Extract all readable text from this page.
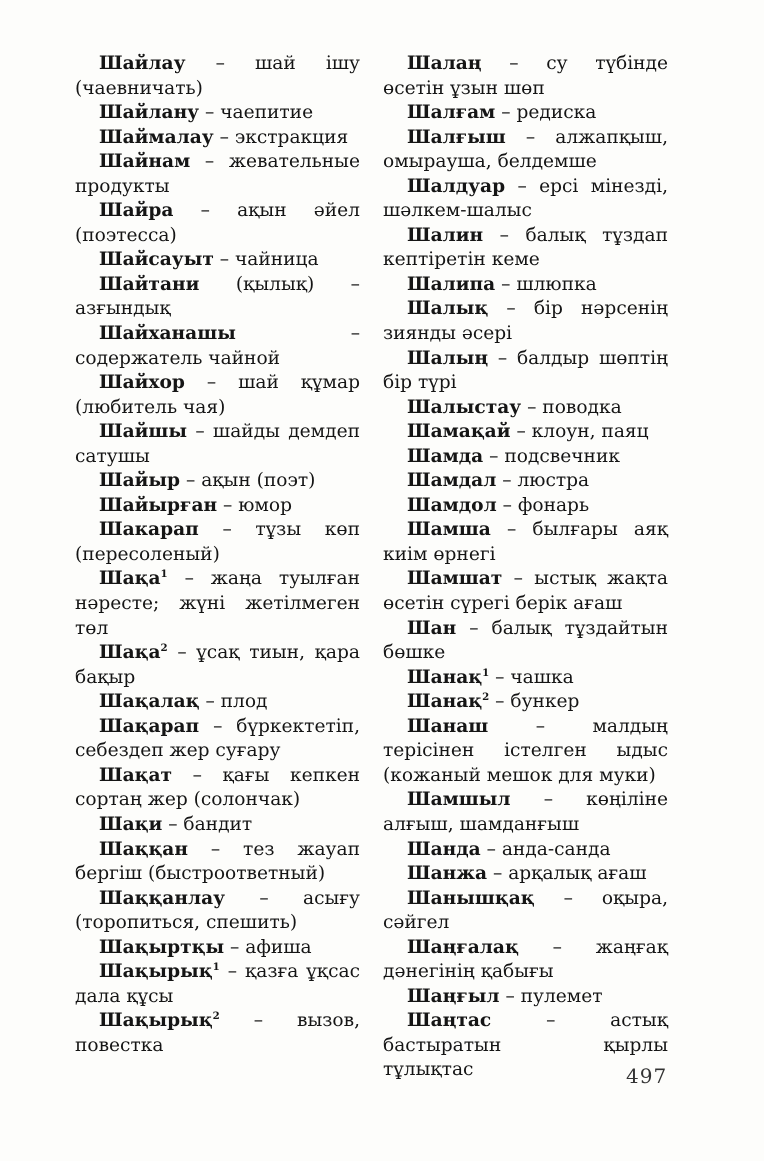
Шайлау – шай ішу (чаевничать)

Шайлану – чаепитие

Шаймалау – экстракция

Шайнам – жевательные продукты

Шайра – ақын әйел (поэтесса)

Шайсауыт – чайница

Шайтани (қылық) – азғындық

Шайханашы	– содержатель чайной

Шайхор – шай құмар (любитель чая)

Шайшы – шайды демдеп сатушы

Шайыр – ақын (поэт)

Шайырған – юмор

Шакарап – тұзы көп (пересоленый)

Шақа$^1$ – жаңа туылған нәресте; жүні жетілмеген төл

Шақа$^2$ – ұсақ тиын, қара бақыр

Шақалақ – плод

Шақарап – бүркектетіп, себездеп жер суғару

Шақат – қағы кепкен сортаң жер (солончак)

Шақи – бандит

Шаққан – тез жауап бергіш (быстроответный)

Шаққанлау – асығу (торопиться, спешить)

Шақыртқы – афиша

Шақырық$^1$ – қазға ұқсас дала құсы

Шақырық$^2$ – вызов, повестка

Шалаң – су түбінде өсетін ұзын шөп

Шалғам – редиска

Шалғыш – алжапқыш, омырауша, белдемше

Шалдуар – ерсі мінезді, шәлкем-шалыс

Шалин – балық тұздап кептіретін кеме

Шалипа – шлюпка

Шалық – бір нәрсенің зиянды әсері

Шалың – балдыр шөптің бір түрі

Шалыстау – поводка

Шамақай – клоун, паяц

Шамда – подсвечник

Шамдал – люстра

Шамдол – фонарь

Шамша – былғары аяқ киім өрнегі

Шамшат – ыстық жақта өсетін сүрегі берік ағаш

Шан – балық тұздайтын бөшке

Шанақ$^1$ – чашка

Шанақ$^2$ – бункер

Шанаш	– малдың терісінен істелген ыдыс (кожаный мешок для муки)

Шамшыл – көңіліне алғыш, шамданғыш

Шанда – анда-санда

Шанжа – арқалық ағаш

Шанышқақ – оқыра, сәйгел

Шаңғалақ – жаңғақ дәнегінің қабығы

Шаңғыл – пулемет

Шаңтас	– астық бастыратын қырлы тұлықтас	497
